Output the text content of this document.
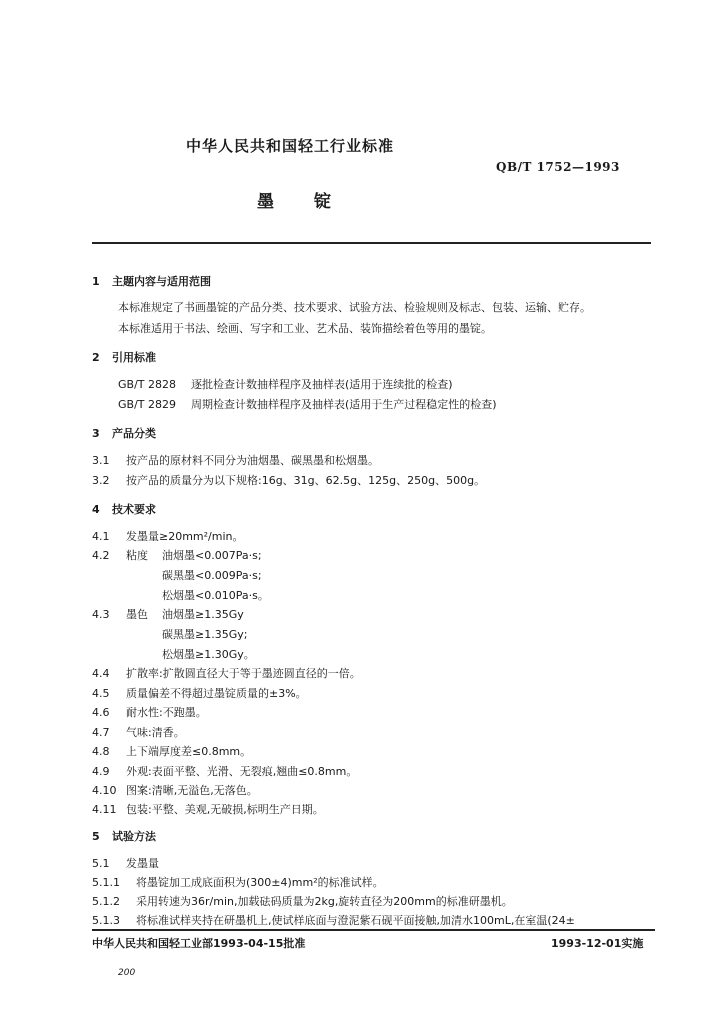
中华人民共和国轻工行业标准
QB/T 1752—1993
墨 锭
1 主题内容与适用范围
本标准规定了书画墨锭的产品分类、技术要求、试验方法、检验规则及标志、包装、运输、贮存。
本标准适用于书法、绘画、写字和工业、艺术品、装饰描绘着色等用的墨锭。
2 引用标准
GB/T 2828 逐批检查计数抽样程序及抽样表(适用于连续批的检查)
GB/T 2829 周期检查计数抽样程序及抽样表(适用于生产过程稳定性的检查)
3 产品分类
3.1 按产品的原材料不同分为油烟墨、碳黑墨和松烟墨。
3.2 按产品的质量分为以下规格:16g、31g、62.5g、125g、250g、500g。
4 技术要求
4.1 发墨量≥20mm²/min。
4.2 粘度 油烟墨<0.007Pa·s;
碳黑墨<0.009Pa·s;
松烟墨<0.010Pa·s。
4.3 墨色 油烟墨≥1.35Gy
碳黑墨≥1.35Gy;
松烟墨≥1.30Gy。
4.4 扩散率:扩散圆直径大于等于墨迹圆直径的一倍。
4.5 质量偏差不得超过墨锭质量的±3%。
4.6 耐水性:不跑墨。
4.7 气味:清香。
4.8 上下端厚度差≤0.8mm。
4.9 外观:表面平整、光滑、无裂痕,翘曲≤0.8mm。
4.10 图案:清晰,无溢色,无落色。
4.11 包装:平整、美观,无破损,标明生产日期。
5 试验方法
5.1 发墨量
5.1.1 将墨锭加工成底面积为(300±4)mm²的标准试样。
5.1.2 采用转速为36r/min,加载砝码质量为2kg,旋转直径为200mm的标准研墨机。
5.1.3 将标准试样夹持在研墨机上,使试样底面与澄泥紫石砚平面接触,加清水100mL,在室温(24±
中华人民共和国轻工业部1993-04-15批准	1993-12-01实施
200
